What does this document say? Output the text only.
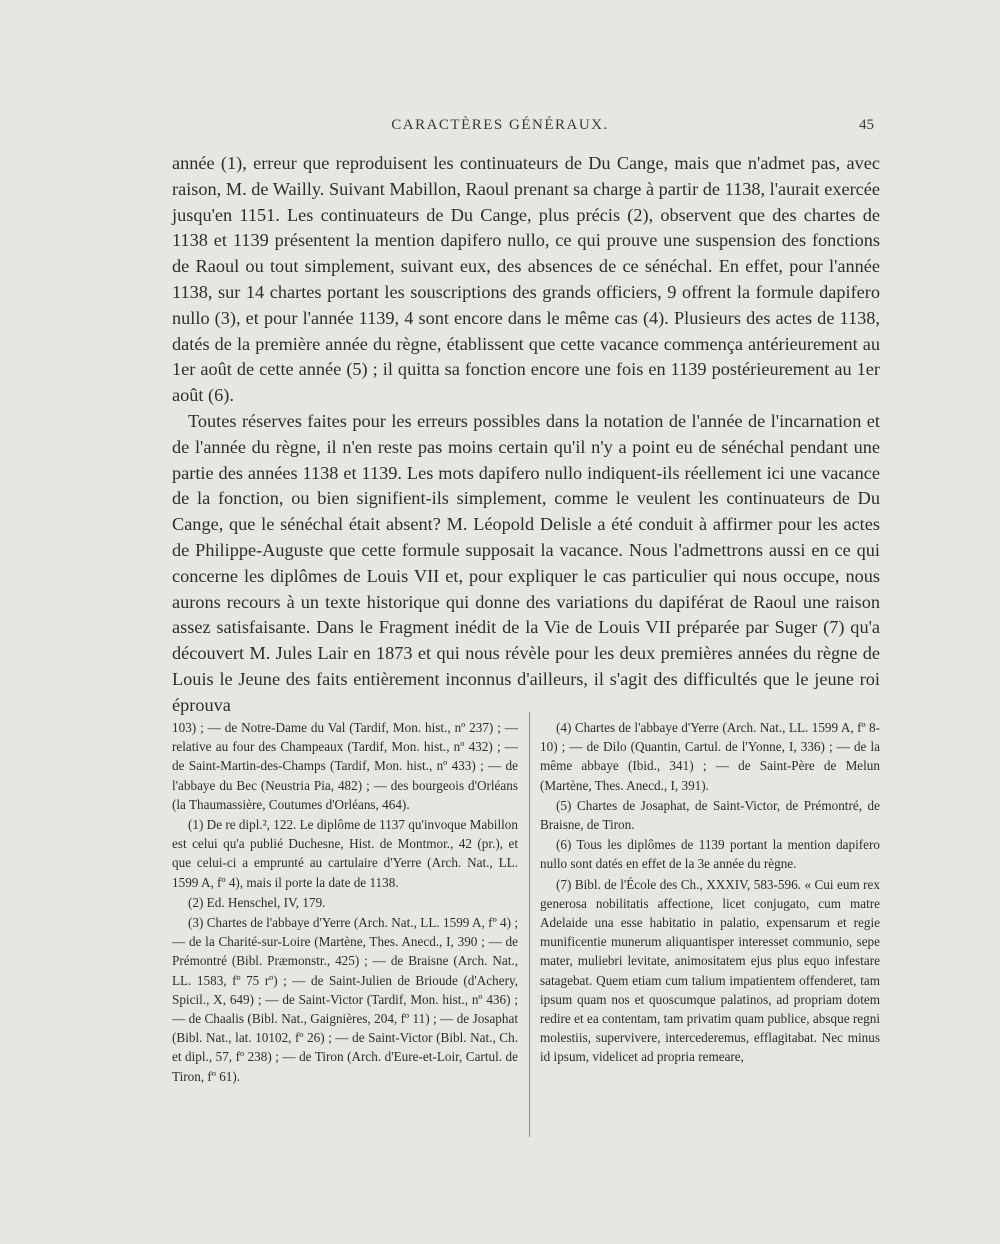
CARACTÈRES GÉNÉRAUX.	45

année (1), erreur que reproduisent les continuateurs de Du Cange, mais que n'admet pas, avec raison, M. de Wailly. Suivant Mabillon, Raoul prenant sa charge à partir de 1138, l'aurait exercée jusqu'en 1151. Les continuateurs de Du Cange, plus précis (2), observent que des chartes de 1138 et 1139 présentent la mention dapifero nullo, ce qui prouve une suspension des fonctions de Raoul ou tout simplement, suivant eux, des absences de ce sénéchal. En effet, pour l'année 1138, sur 14 chartes portant les souscriptions des grands officiers, 9 offrent la formule dapifero nullo (3), et pour l'année 1139, 4 sont encore dans le même cas (4). Plusieurs des actes de 1138, datés de la première année du règne, établissent que cette vacance commença antérieurement au 1er août de cette année (5) ; il quitta sa fonction encore une fois en 1139 postérieurement au 1er août (6).

Toutes réserves faites pour les erreurs possibles dans la notation de l'année de l'incarnation et de l'année du règne, il n'en reste pas moins certain qu'il n'y a point eu de sénéchal pendant une partie des années 1138 et 1139. Les mots dapifero nullo indiquent-ils réellement ici une vacance de la fonction, ou bien signifient-ils simplement, comme le veulent les continuateurs de Du Cange, que le sénéchal était absent? M. Léopold Delisle a été conduit à affirmer pour les actes de Philippe-Auguste que cette formule supposait la vacance. Nous l'admettrons aussi en ce qui concerne les diplômes de Louis VII et, pour expliquer le cas particulier qui nous occupe, nous aurons recours à un texte historique qui donne des variations du dapiférat de Raoul une raison assez satisfaisante. Dans le Fragment inédit de la Vie de Louis VII préparée par Suger (7) qu'a découvert M. Jules Lair en 1873 et qui nous révèle pour les deux premières années du règne de Louis le Jeune des faits entièrement inconnus d'ailleurs, il s'agit des difficultés que le jeune roi éprouva

103) ; — de Notre-Dame du Val (Tardif, Mon. hist., nº 237) ; — relative au four des Champeaux (Tardif, Mon. hist., nº 432) ; — de Saint-Martin-des-Champs (Tardif, Mon. hist., nº 433) ; — de l'abbaye du Bec (Neustria Pia, 482) ; — des bourgeois d'Orléans (la Thaumassière, Coutumes d'Orléans, 464).

(1) De re dipl.², 122. Le diplôme de 1137 qu'invoque Mabillon est celui qu'a publié Duchesne, Hist. de Montmor., 42 (pr.), et que celui-ci a emprunté au cartulaire d'Yerre (Arch. Nat., LL. 1599 A, fº 4), mais il porte la date de 1138.

(2) Ed. Henschel, IV, 179.

(3) Chartes de l'abbaye d'Yerre (Arch. Nat., LL. 1599 A, fº 4) ; — de la Charité-sur-Loire (Martène, Thes. Anecd., I, 390 ; — de Prémontré (Bibl. Præmonstr., 425) ; — de Braisne (Arch. Nat., LL. 1583, fº 75 rº) ; — de Saint-Julien de Brioude (d'Achery, Spicil., X, 649) ; — de Saint-Victor (Tardif, Mon. hist., nº 436) ; — de Chaalis (Bibl. Nat., Gaignières, 204, fº 11) ; — de Josaphat (Bibl. Nat., lat. 10102, fº 26) ; — de Saint-Victor (Bibl. Nat., Ch. et dipl., 57, fº 238) ; — de Tiron (Arch. d'Eure-et-Loir, Cartul. de Tiron, fº 61).

(4) Chartes de l'abbaye d'Yerre (Arch. Nat., LL. 1599 A, fº 8-10) ; — de Dilo (Quantin, Cartul. de l'Yonne, I, 336) ; — de la même abbaye (Ibid., 341) ; — de Saint-Père de Melun (Martène, Thes. Anecd., I, 391).

(5) Chartes de Josaphat, de Saint-Victor, de Prémontré, de Braisne, de Tiron.

(6) Tous les diplômes de 1139 portant la mention dapifero nullo sont datés en effet de la 3e année du règne.

(7) Bibl. de l'École des Ch., XXXIV, 583-596. « Cui eum rex generosa nobilitatis affectione, licet conjugato, cum matre Adelaide una esse habitatio in palatio, expensarum et regie munificentie munerum aliquantisper interesset communio, sepe mater, muliebri levitate, animositatem ejus plus equo infestare satagebat. Quem etiam cum talium impatientem offenderet, tam ipsum quam nos et quoscumque palatinos, ad propriam dotem redire et ea contentam, tam privatim quam publice, absque regni molestiis, supervivere, intercederemus, efflagitabat. Nec minus id ipsum, videlicet ad propria remeare,
